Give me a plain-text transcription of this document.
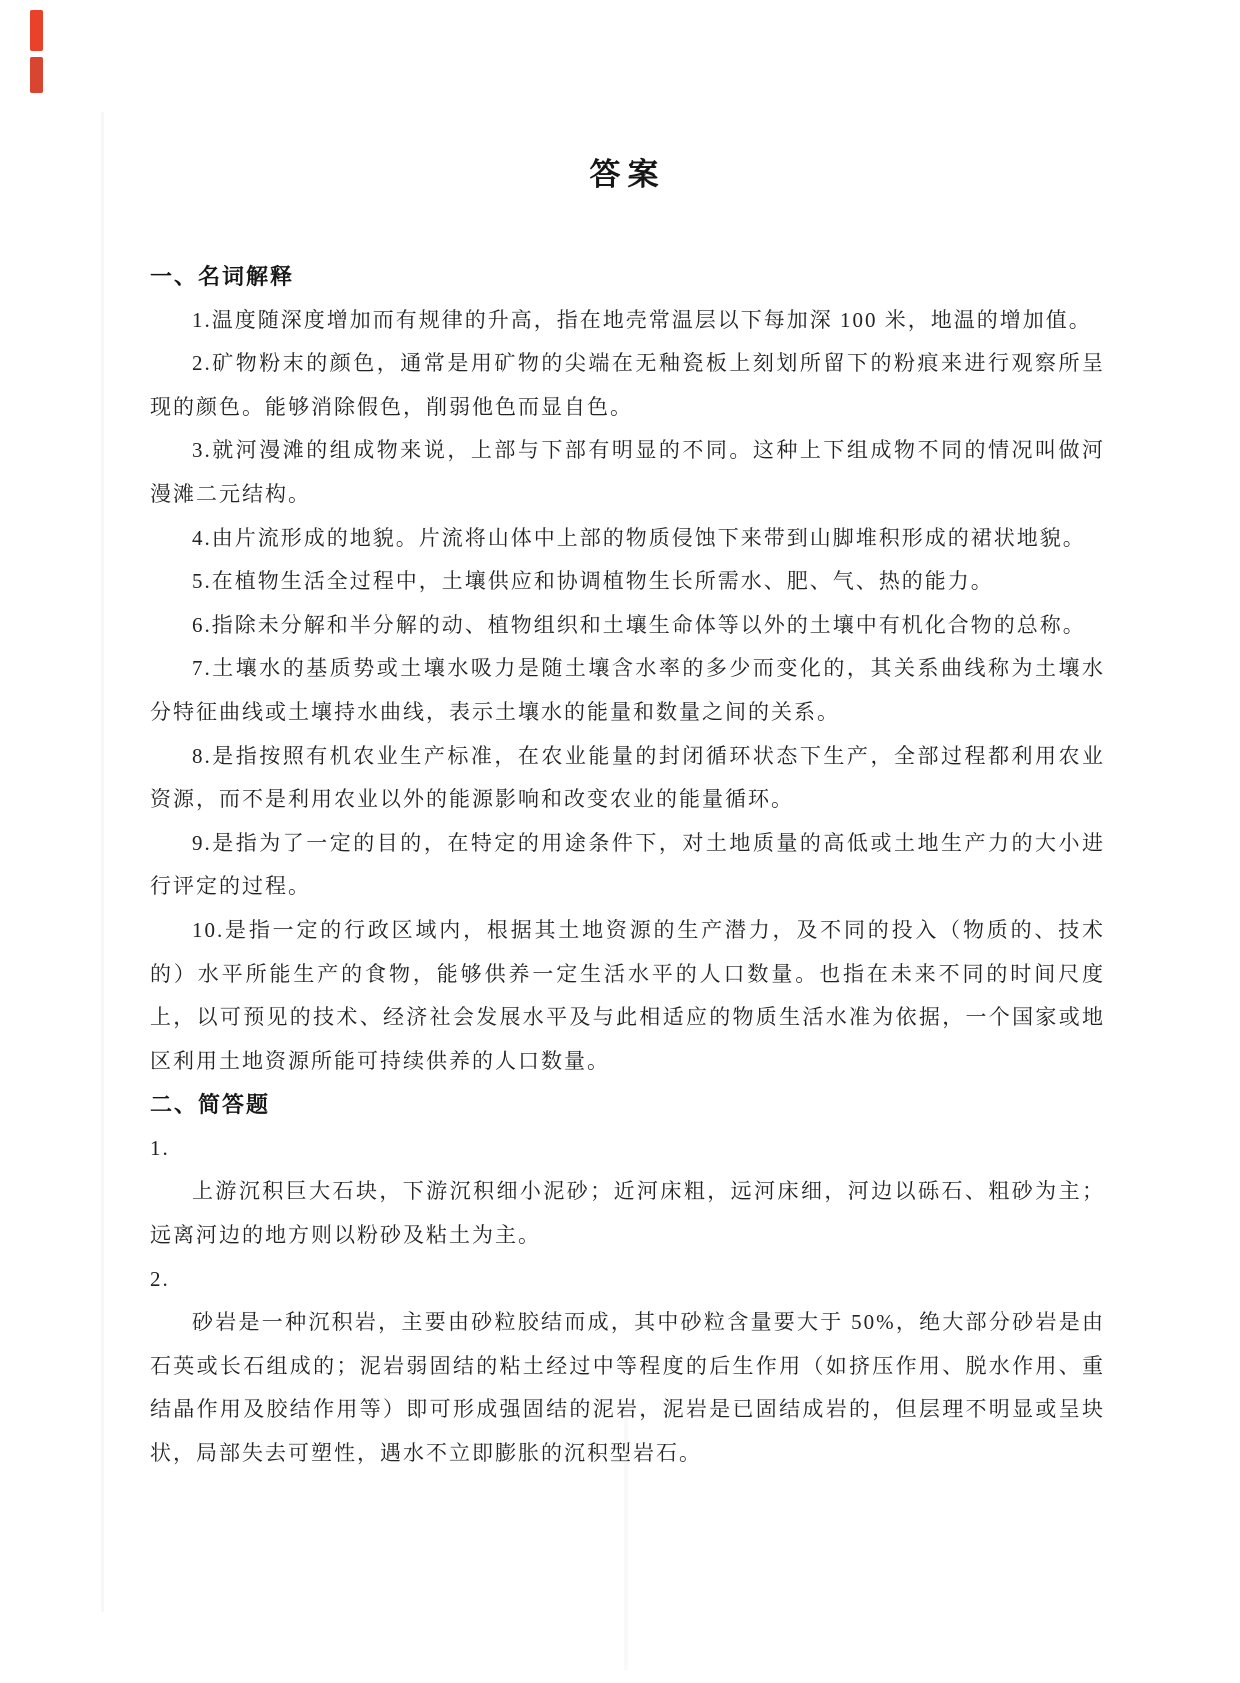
答案
一、名词解释

1.温度随深度增加而有规律的升高，指在地壳常温层以下每加深 100 米，地温的增加值。

2.矿物粉末的颜色，通常是用矿物的尖端在无釉瓷板上刻划所留下的粉痕来进行观察所呈现的颜色。能够消除假色，削弱他色而显自色。

3.就河漫滩的组成物来说，上部与下部有明显的不同。这种上下组成物不同的情况叫做河漫滩二元结构。

4.由片流形成的地貌。片流将山体中上部的物质侵蚀下来带到山脚堆积形成的裙状地貌。

5.在植物生活全过程中，土壤供应和协调植物生长所需水、肥、气、热的能力。

6.指除未分解和半分解的动、植物组织和土壤生命体等以外的土壤中有机化合物的总称。

7.土壤水的基质势或土壤水吸力是随土壤含水率的多少而变化的，其关系曲线称为土壤水分特征曲线或土壤持水曲线，表示土壤水的能量和数量之间的关系。

8.是指按照有机农业生产标准，在农业能量的封闭循环状态下生产，全部过程都利用农业资源，而不是利用农业以外的能源影响和改变农业的能量循环。

9.是指为了一定的目的，在特定的用途条件下，对土地质量的高低或土地生产力的大小进行评定的过程。

10.是指一定的行政区域内，根据其土地资源的生产潜力，及不同的投入（物质的、技术的）水平所能生产的食物，能够供养一定生活水平的人口数量。也指在未来不同的时间尺度上，以可预见的技术、经济社会发展水平及与此相适应的物质生活水准为依据，一个国家或地区利用土地资源所能可持续供养的人口数量。

二、简答题

1.

上游沉积巨大石块，下游沉积细小泥砂；近河床粗，远河床细，河边以砾石、粗砂为主；远离河边的地方则以粉砂及粘土为主。

2.

砂岩是一种沉积岩，主要由砂粒胶结而成，其中砂粒含量要大于 50%，绝大部分砂岩是由石英或长石组成的；泥岩弱固结的粘土经过中等程度的后生作用（如挤压作用、脱水作用、重结晶作用及胶结作用等）即可形成强固结的泥岩，泥岩是已固结成岩的，但层理不明显或呈块状，局部失去可塑性，遇水不立即膨胀的沉积型岩石。
